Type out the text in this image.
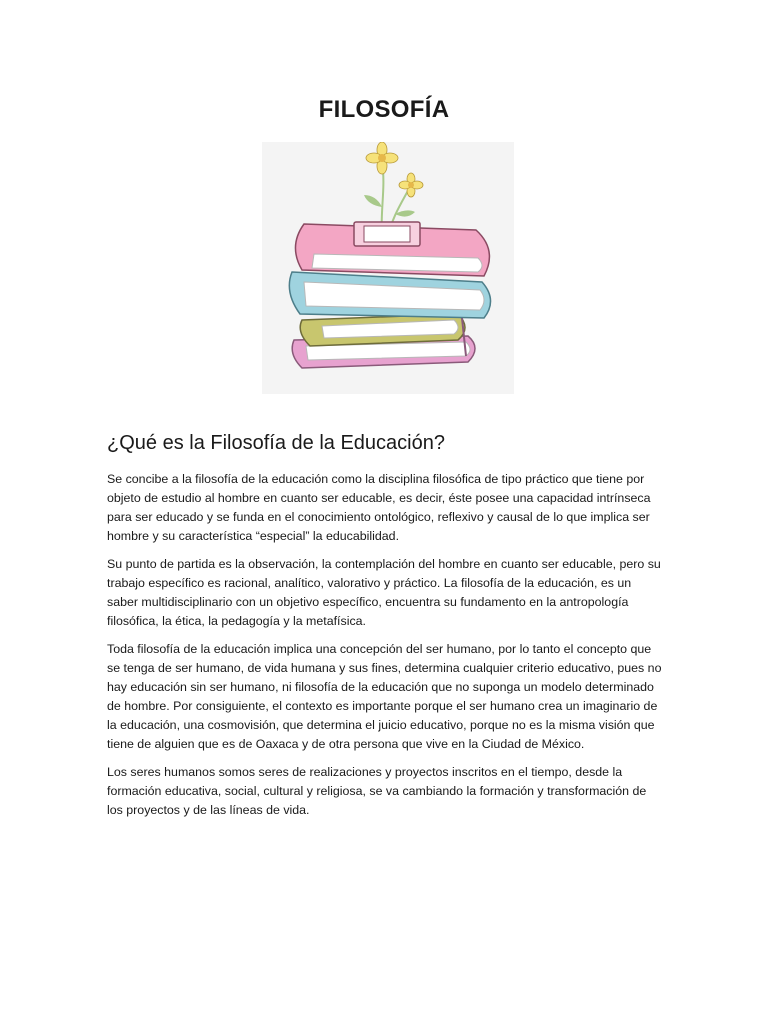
FILOSOFÍA
¿Qué es la Filosofía de la Educación?

Se concibe a la filosofía de la educación como la disciplina filosófica de tipo práctico que tiene por objeto de estudio al hombre en cuanto ser educable, es decir, éste posee una capacidad intrínseca para ser educado y se funda en el conocimiento ontológico, reflexivo y causal de lo que implica ser hombre y su característica “especial” la educabilidad.

Su punto de partida es la observación, la contemplación del hombre en cuanto ser educable, pero su trabajo específico es racional, analítico, valorativo y práctico. La filosofía de la educación, es un saber multidisciplinario con un objetivo específico, encuentra su fundamento en la antropología filosófica, la ética, la pedagogía y la metafísica.

Toda filosofía de la educación implica una concepción del ser humano, por lo tanto el concepto que se tenga de ser humano, de vida humana y sus fines, determina cualquier criterio educativo, pues no hay educación sin ser humano, ni filosofía de la educación que no suponga un modelo determinado de hombre. Por consiguiente, el contexto es importante porque el ser humano crea un imaginario de la educación, una cosmovisión, que determina el juicio educativo, porque no es la misma visión que tiene de alguien que es de Oaxaca y de otra persona que vive en la Ciudad de México.

Los seres humanos somos seres de realizaciones y proyectos inscritos en el tiempo, desde la formación educativa, social, cultural y religiosa, se va cambiando la formación y transformación de los proyectos y de las líneas de vida.
